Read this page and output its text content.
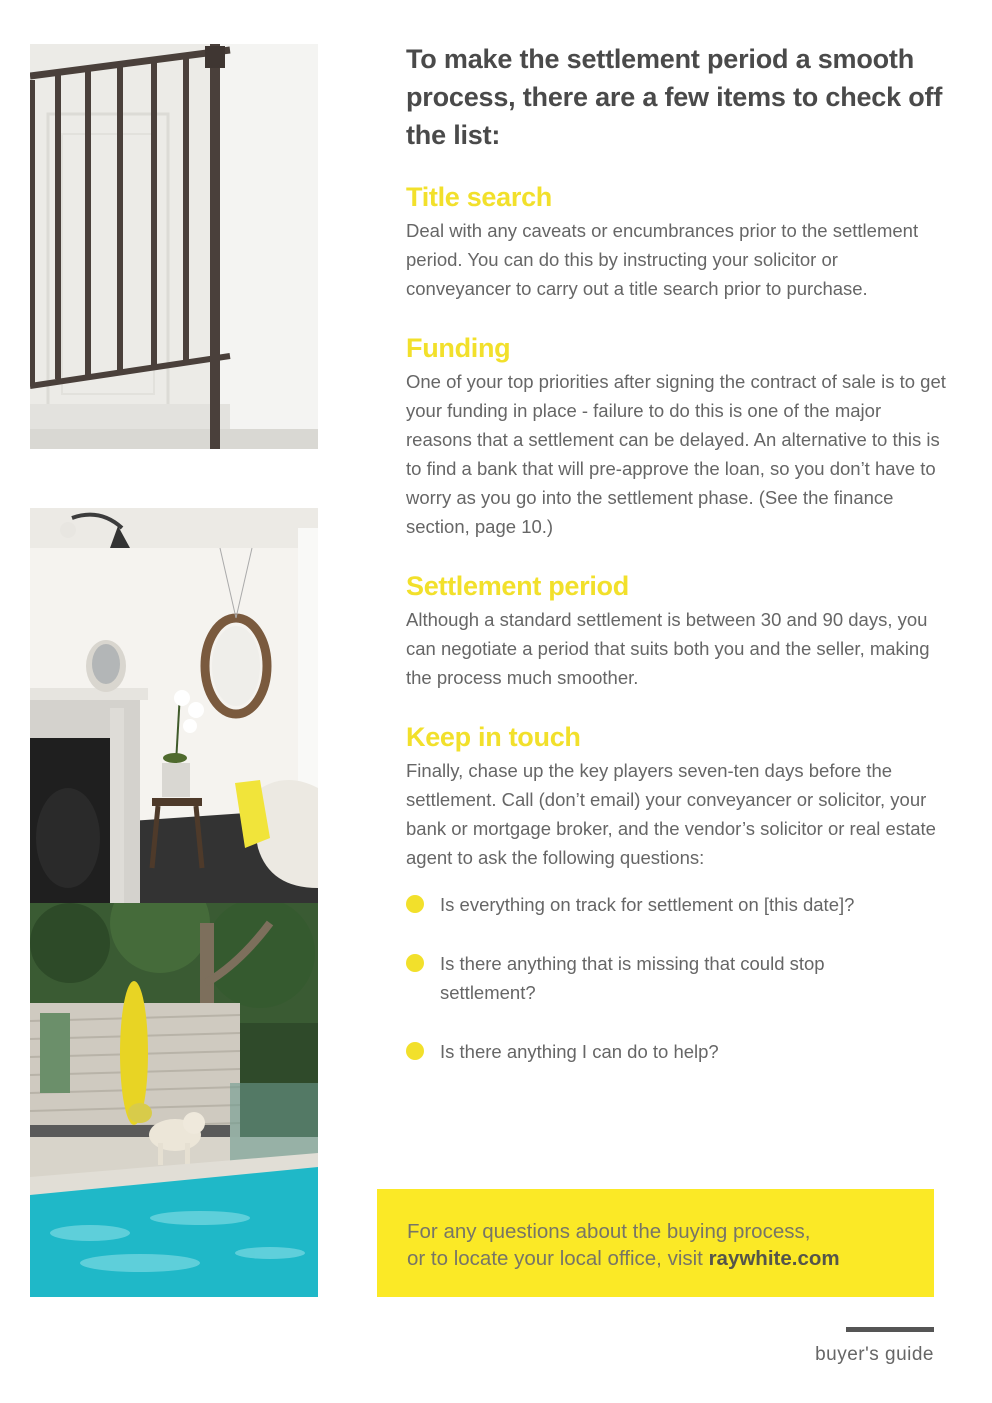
To make the settlement period a smooth process, there are a few items to check off the list:
Title search

Deal with any caveats or encumbrances prior to the settlement period. You can do this by instructing your solicitor or conveyancer to carry out a title search prior to purchase.

Funding

One of your top priorities after signing the contract of sale is to get your funding in place - failure to do this is one of the major reasons that a settlement can be delayed. An alternative to this is to find a bank that will pre-approve the loan, so you don’t have to worry as you go into the settlement phase. (See the finance section, page 10.)

Settlement period

Although a standard settlement is between 30 and 90 days, you can negotiate a period that suits both you and the seller, making the process much smoother.

Keep in touch

Finally, chase up the key players seven-ten days before the settlement. Call (don’t email) your conveyancer or solicitor, your bank or mortgage broker, and the vendor’s solicitor or real estate agent to ask the following questions:

Is everything on track for settlement on [this date]?
Is there anything that is missing that could stop settlement?
Is there anything I can do to help?
For any questions about the buying process,
or to locate your local office, visit raywhite.com
buyer's guide
